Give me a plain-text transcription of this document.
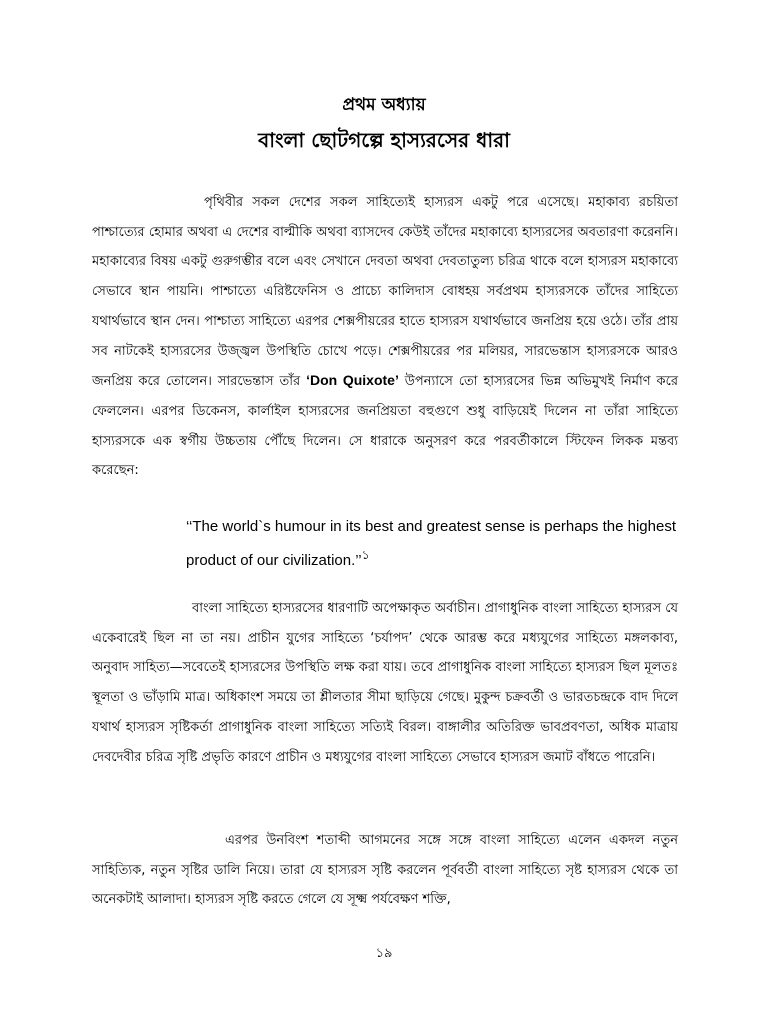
প্রথম অধ্যায়
বাংলা ছোটগল্পে হাস্যরসের ধারা
পৃথিবীর সকল দেশের সকল সাহিত্যেই হাস্যরস একটু পরে এসেছে। মহাকাব্য রচয়িতা পাশ্চাত্যের হোমার অথবা এ দেশের বাল্মীকি অথবা ব্যাসদেব কেউই তাঁদের মহাকাব্যে হাস্যরসের অবতারণা করেননি। মহাকাব্যের বিষয় একটু গুরুগম্ভীর বলে এবং সেখানে দেবতা অথবা দেবতাতুল্য চরিত্র থাকে বলে হাস্যরস মহাকাব্যে সেভাবে স্থান পায়নি। পাশ্চাত্যে এরিষ্টফেনিস ও প্রাচ্যে কালিদাস বোধহয় সর্বপ্রথম হাস্যরসকে তাঁদের সাহিত্যে যথার্থভাবে স্থান দেন। পাশ্চাত্য সাহিত্যে এরপর শেক্সপীয়রের হাতে হাস্যরস যথার্থভাবে জনপ্রিয় হয়ে ওঠে। তাঁর প্রায় সব নাটকেই হাস্যরসের উজ্জ্বল উপস্থিতি চোখে পড়ে। শেক্সপীয়রের পর মলিয়র, সারভেন্তাস হাস্যরসকে আরও জনপ্রিয় করে তোলেন। সারভেন্তাস তাঁর ‘Don Quixote’ উপন্যাসে তো হাস্যরসের ভিন্ন অভিমুখই নির্মাণ করে ফেললেন। এরপর ডিকেনস, কার্লাইল হাস্যরসের জনপ্রিয়তা বহুগুণে শুধু বাড়িয়েই দিলেন না তাঁরা সাহিত্যে হাস্যরসকে এক স্বর্গীয় উচ্চতায় পৌঁছে দিলেন। সে ধারাকে অনুসরণ করে পরবর্তীকালে স্টিফেন লিকক মন্তব্য করেছেন:
‘‘The world`s humour in its best and greatest sense is perhaps the highest product of our civilization.’’$^১$
বাংলা সাহিত্যে হাস্যরসের ধারণাটি অপেক্ষাকৃত অর্বাচীন। প্রাগাধুনিক বাংলা সাহিত্যে হাস্যরস যে একেবারেই ছিল না তা নয়। প্রাচীন যুগের সাহিত্যে ‘চর্যাপদ’ থেকে আরম্ভ করে মধ্যযুগের সাহিত্যে মঙ্গলকাব্য, অনুবাদ সাহিত্য—সবেতেই হাস্যরসের উপস্থিতি লক্ষ করা যায়। তবে প্রাগাধুনিক বাংলা সাহিত্যে হাস্যরস ছিল মূলতঃ স্থূলতা ও ভাঁড়ামি মাত্র। অধিকাংশ সময়ে তা শ্লীলতার সীমা ছাড়িয়ে গেছে। মুকুন্দ চক্রবর্তী ও ভারতচন্দ্রকে বাদ দিলে যথার্থ হাস্যরস সৃষ্টিকর্তা প্রাগাধুনিক বাংলা সাহিত্যে সত্যিই বিরল। বাঙ্গালীর অতিরিক্ত ভাবপ্রবণতা, অধিক মাত্রায় দেবদেবীর চরিত্র সৃষ্টি প্রভৃতি কারণে প্রাচীন ও মধ্যযুগের বাংলা সাহিত্যে সেভাবে হাস্যরস জমাট বাঁধতে পারেনি।
এরপর উনবিংশ শতাব্দী আগমনের সঙ্গে সঙ্গে বাংলা সাহিত্যে এলেন একদল নতুন সাহিত্যিক, নতুন সৃষ্টির ডালি নিয়ে। তারা যে হাস্যরস সৃষ্টি করলেন পূর্ববর্তী বাংলা সাহিত্যে সৃষ্ট হাস্যরস থেকে তা অনেকটাই আলাদা। হাস্যরস সৃষ্টি করতে গেলে যে সূক্ষ্ম পর্যবেক্ষণ শক্তি,
১৯
